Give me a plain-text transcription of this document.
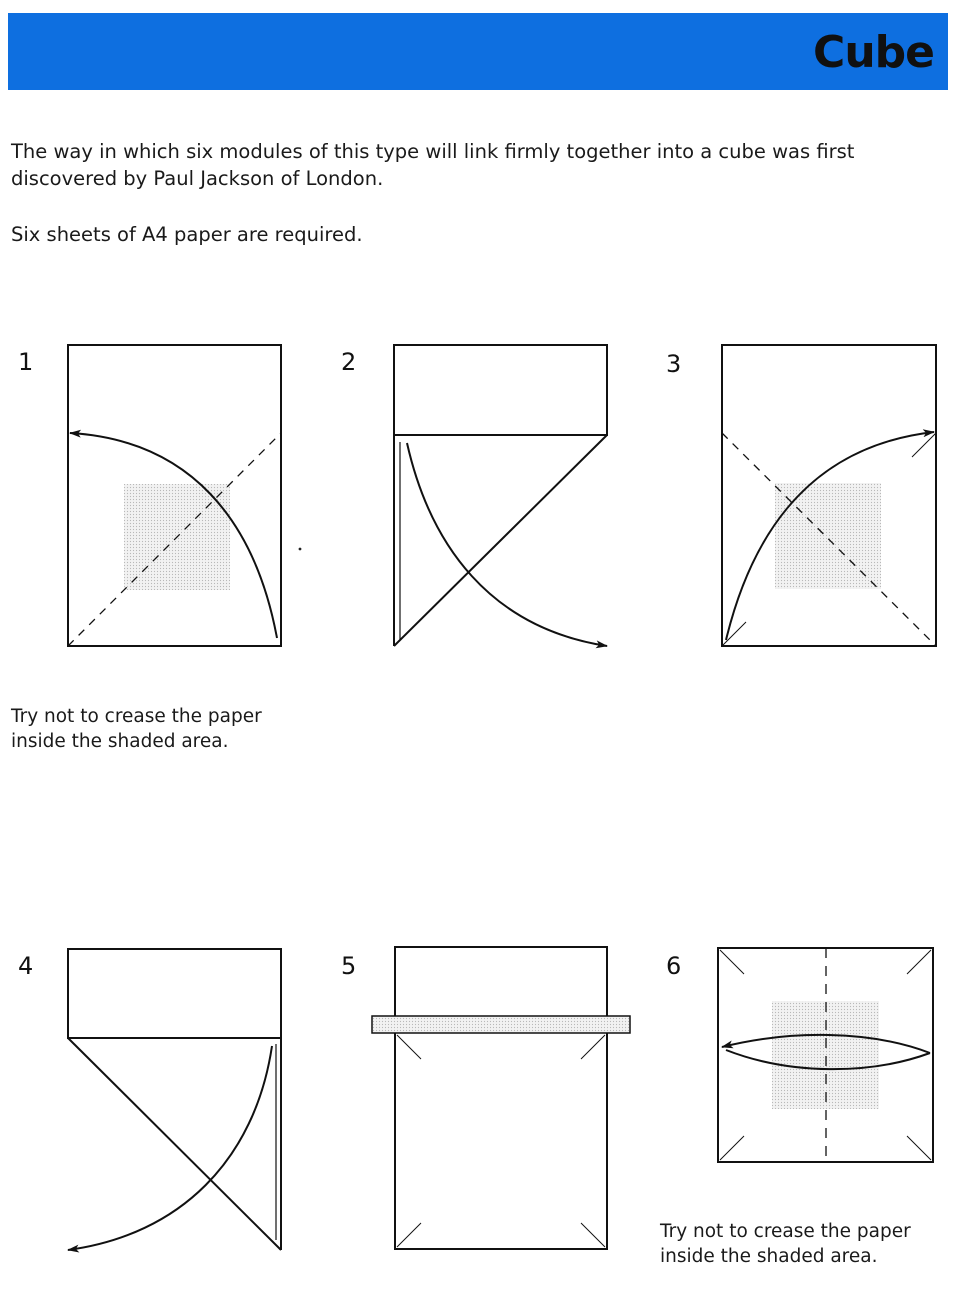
Cube

The way in which six modules of this type will link firmly together into a cube was first discovered by Paul Jackson of London.

Six sheets of A4 paper are required.

1	2	3
4	5	6

Try not to crease the paper
inside the shaded area.

Try not to crease the paper
inside the shaded area.
